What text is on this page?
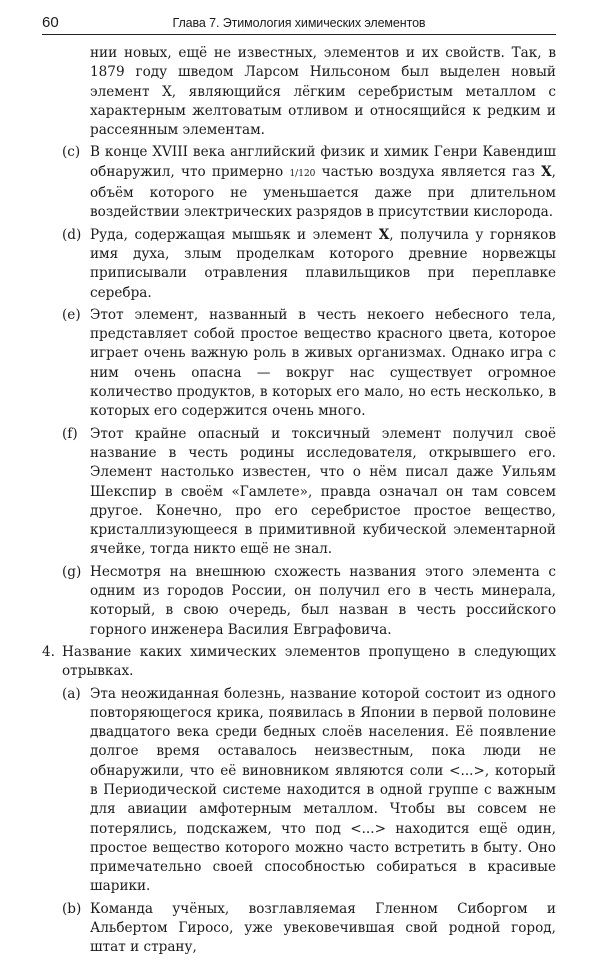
60	Глава 7. Этимология химических элементов

нии новых, ещё не известных, элементов и их свойств. Так, в 1879 году шведом Ларсом Нильсоном был выделен новый элемент X, являющийся лёгким серебристым металлом с характерным желтоватым отливом и относящийся к редким и рассеянным элементам.

(c) В конце XVIII века английский физик и химик Генри Кавендиш обнаружил, что примерно 1/120 частью воздуха является газ X, объём которого не уменьшается даже при длительном воздействии электрических разрядов в присутствии кислорода.
(d) Руда, содержащая мышьяк и элемент X, получила у горняков имя духа, злым проделкам которого древние норвежцы приписывали отравления плавильщиков при переплавке серебра.
(e) Этот элемент, названный в честь некоего небесного тела, представляет собой простое вещество красного цвета, которое играет очень важную роль в живых организмах. Однако игра с ним очень опасна — вокруг нас существует огромное количество продуктов, в которых его мало, но есть несколько, в которых его содержится очень много.
(f) Этот крайне опасный и токсичный элемент получил своё название в честь родины исследователя, открывшего его. Элемент настолько известен, что о нём писал даже Уильям Шекспир в своём «Гамлете», правда означал он там совсем другое. Конечно, про его серебристое простое вещество, кристаллизующееся в примитивной кубической элементарной ячейке, тогда никто ещё не знал.
(g) Несмотря на внешнюю схожесть названия этого элемента с одним из городов России, он получил его в честь минерала, который, в свою очередь, был назван в честь российского горного инженера Василия Евграфовича.
4. Название каких химических элементов пропущено в следующих отрывках.
(a) Эта неожиданная болезнь, название которой состоит из одного повторяющегося крика, появилась в Японии в первой половине двадцатого века среди бедных слоёв населения. Её появление долгое время оставалось неизвестным, пока люди не обнаружили, что её виновником являются соли <...>, который в Периодической системе находится в одной группе с важным для авиации амфотерным металлом. Чтобы вы совсем не потерялись, подскажем, что под <...> находится ещё один, простое вещество которого можно часто встретить в быту. Оно примечательно своей способностью собираться в красивые шарики.
(b) Команда учёных, возглавляемая Гленном Сиборгом и Альбертом Гиросо, уже увековечившая свой родной город, штат и страну,
